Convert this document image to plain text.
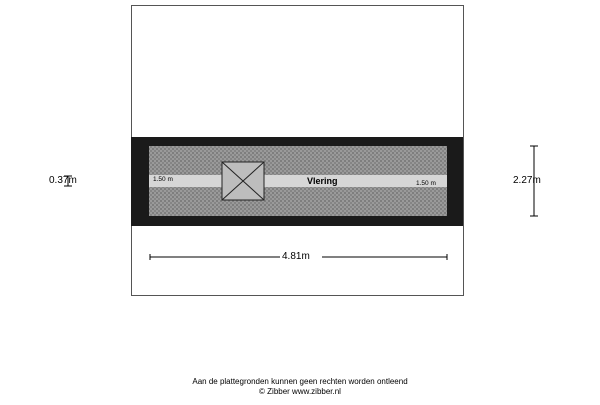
0.37m	2.27m
4.81m
1.50 m
1.50 m
Vlering
Aan de plattegronden kunnen geen rechten worden ontleend
© Zibber www.zibber.nl
